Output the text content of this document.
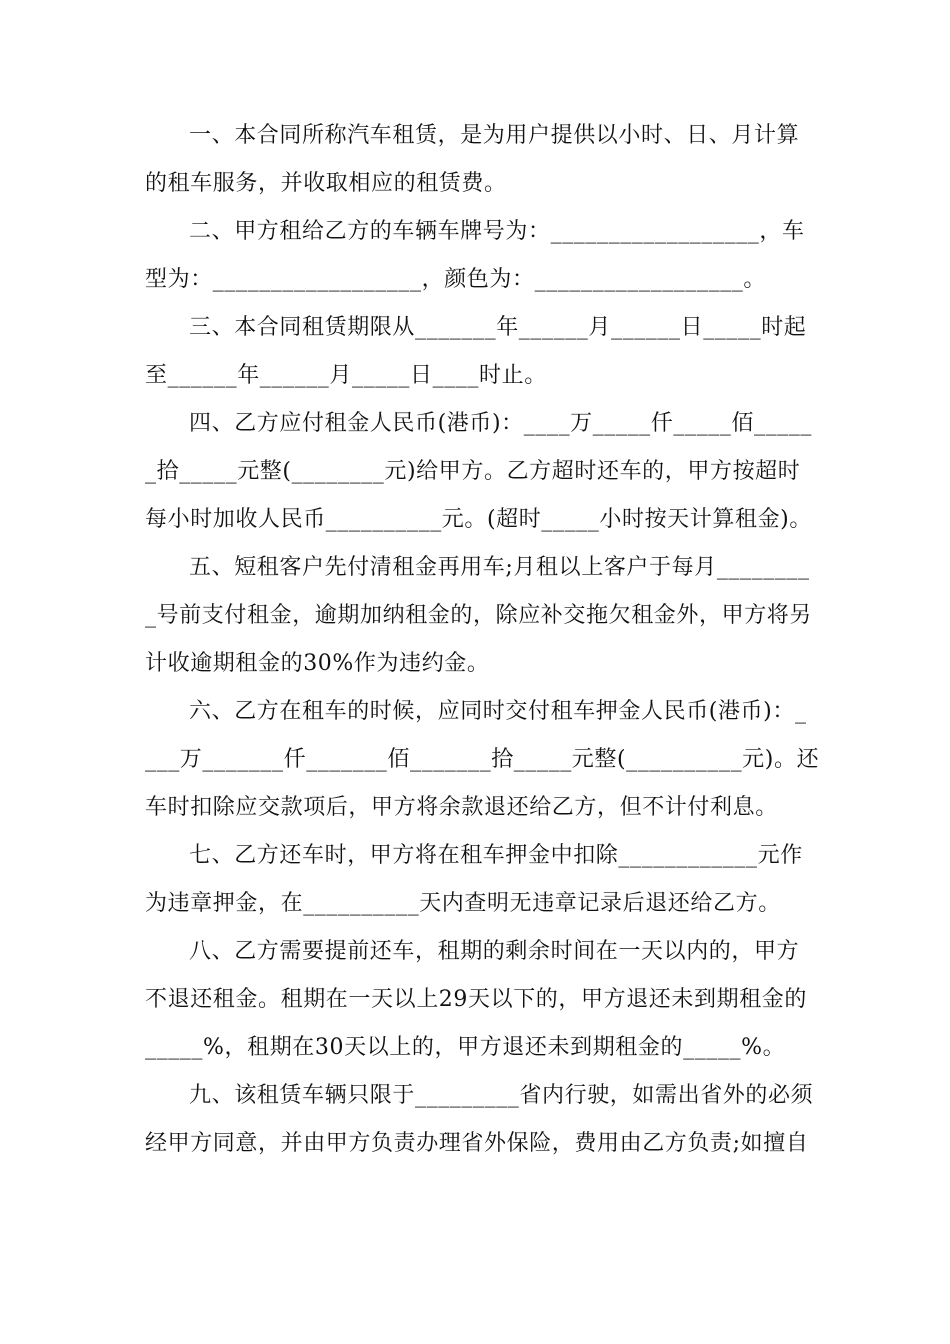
一、本合同所称汽车租赁，是为用户提供以小时、日、月计算
的租车服务，并收取相应的租赁费。

二、甲方租给乙方的车辆车牌号为：__________________，车
型为：__________________，颜色为：__________________。

三、本合同租赁期限从_______年______月______日_____时起
至______年______月_____日____时止。

四、乙方应付租金人民币(港币)：____万_____仟_____佰_____
_拾_____元整(________元)给甲方。乙方超时还车的，甲方按超时
每小时加收人民币__________元。(超时_____小时按天计算租金)。

五、短租客户先付清租金再用车;月租以上客户于每月________
_号前支付租金，逾期加纳租金的，除应补交拖欠租金外，甲方将另
计收逾期租金的30%作为违约金。

六、乙方在租车的时候，应同时交付租车押金人民币(港币)：_
___万_______仟_______佰_______拾_____元整(__________元)。还
车时扣除应交款项后，甲方将余款退还给乙方，但不计付利息。

七、乙方还车时，甲方将在租车押金中扣除____________元作
为违章押金，在__________天内查明无违章记录后退还给乙方。

八、乙方需要提前还车，租期的剩余时间在一天以内的，甲方
不退还租金。租期在一天以上29天以下的，甲方退还未到期租金的
_____%，租期在30天以上的，甲方退还未到期租金的_____%。

九、该租赁车辆只限于_________省内行驶，如需出省外的必须
经甲方同意，并由甲方负责办理省外保险，费用由乙方负责;如擅自
